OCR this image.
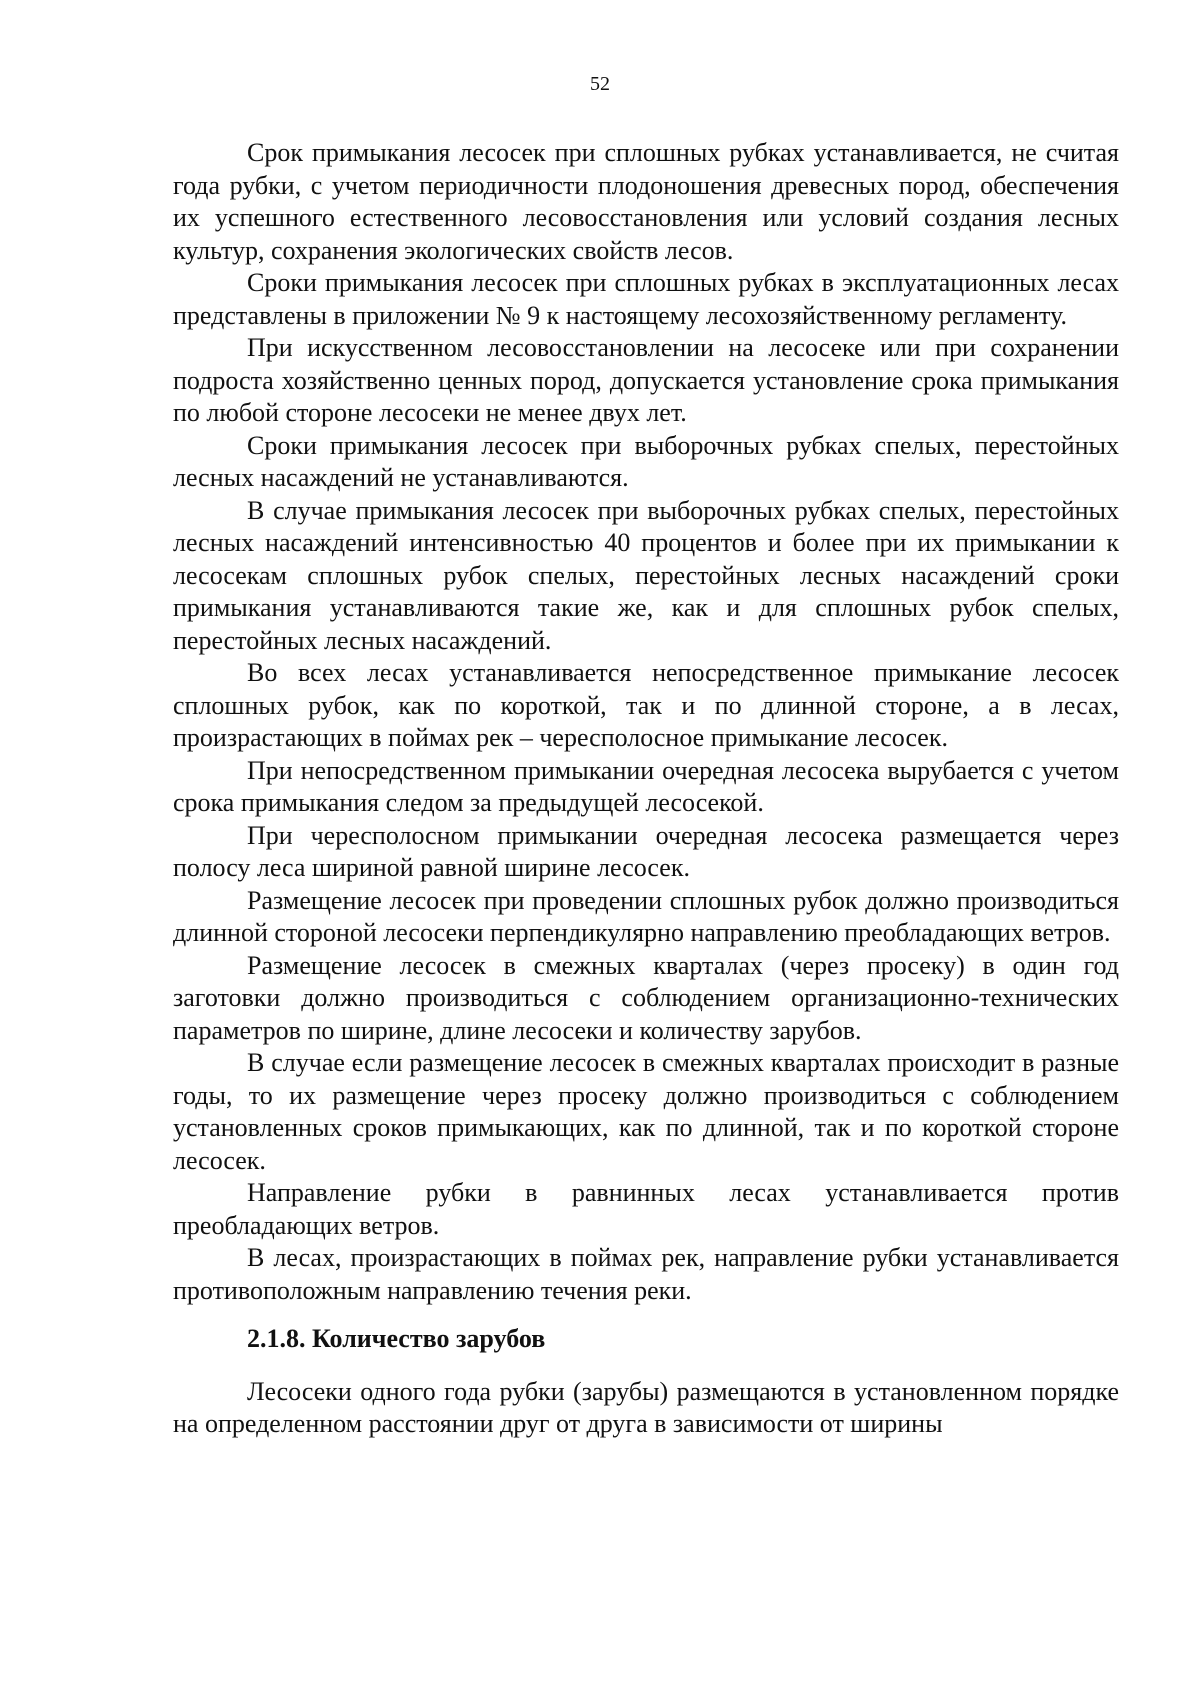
52

Срок примыкания лесосек при сплошных рубках устанавливается, не считая года рубки, с учетом периодичности плодоношения древесных пород, обеспечения их успешного естественного лесовосстановления или условий создания лесных культур, сохранения экологических свойств лесов.

Сроки примыкания лесосек при сплошных рубках в эксплуатационных лесах представлены в приложении № 9 к настоящему лесохозяйственному регламенту.

При искусственном лесовосстановлении на лесосеке или при сохранении подроста хозяйственно ценных пород, допускается установление срока примыкания по любой стороне лесосеки не менее двух лет.

Сроки примыкания лесосек при выборочных рубках спелых, перестойных лесных насаждений не устанавливаются.

В случае примыкания лесосек при выборочных рубках спелых, перестойных лесных насаждений интенсивностью 40 процентов и более при их примыкании к лесосекам сплошных рубок спелых, перестойных лесных насаждений сроки примыкания устанавливаются такие же, как и для сплошных рубок спелых, перестойных лесных насаждений.

Во всех лесах устанавливается непосредственное примыкание лесосек сплошных рубок, как по короткой, так и по длинной стороне, а в лесах, произрастающих в поймах рек – чересполосное примыкание лесосек.

При непосредственном примыкании очередная лесосека вырубается с учетом срока примыкания следом за предыдущей лесосекой.

При чересполосном примыкании очередная лесосека размещается через полосу леса шириной равной ширине лесосек.

Размещение лесосек при проведении сплошных рубок должно производиться длинной стороной лесосеки перпендикулярно направлению преобладающих ветров.

Размещение лесосек в смежных кварталах (через просеку) в один год заготовки должно производиться с соблюдением организационно-технических параметров по ширине, длине лесосеки и количеству зарубов.

В случае если размещение лесосек в смежных кварталах происходит в разные годы, то их размещение через просеку должно производиться с соблюдением установленных сроков примыкающих, как по длинной, так и по короткой стороне лесосек.

Направление рубки в равнинных лесах устанавливается против преобладающих ветров.

В лесах, произрастающих в поймах рек, направление рубки устанавливается противоположным направлению течения реки.

2.1.8. Количество зарубов

Лесосеки одного года рубки (зарубы) размещаются в установленном порядке на определенном расстоянии друг от друга в зависимости от ширины
